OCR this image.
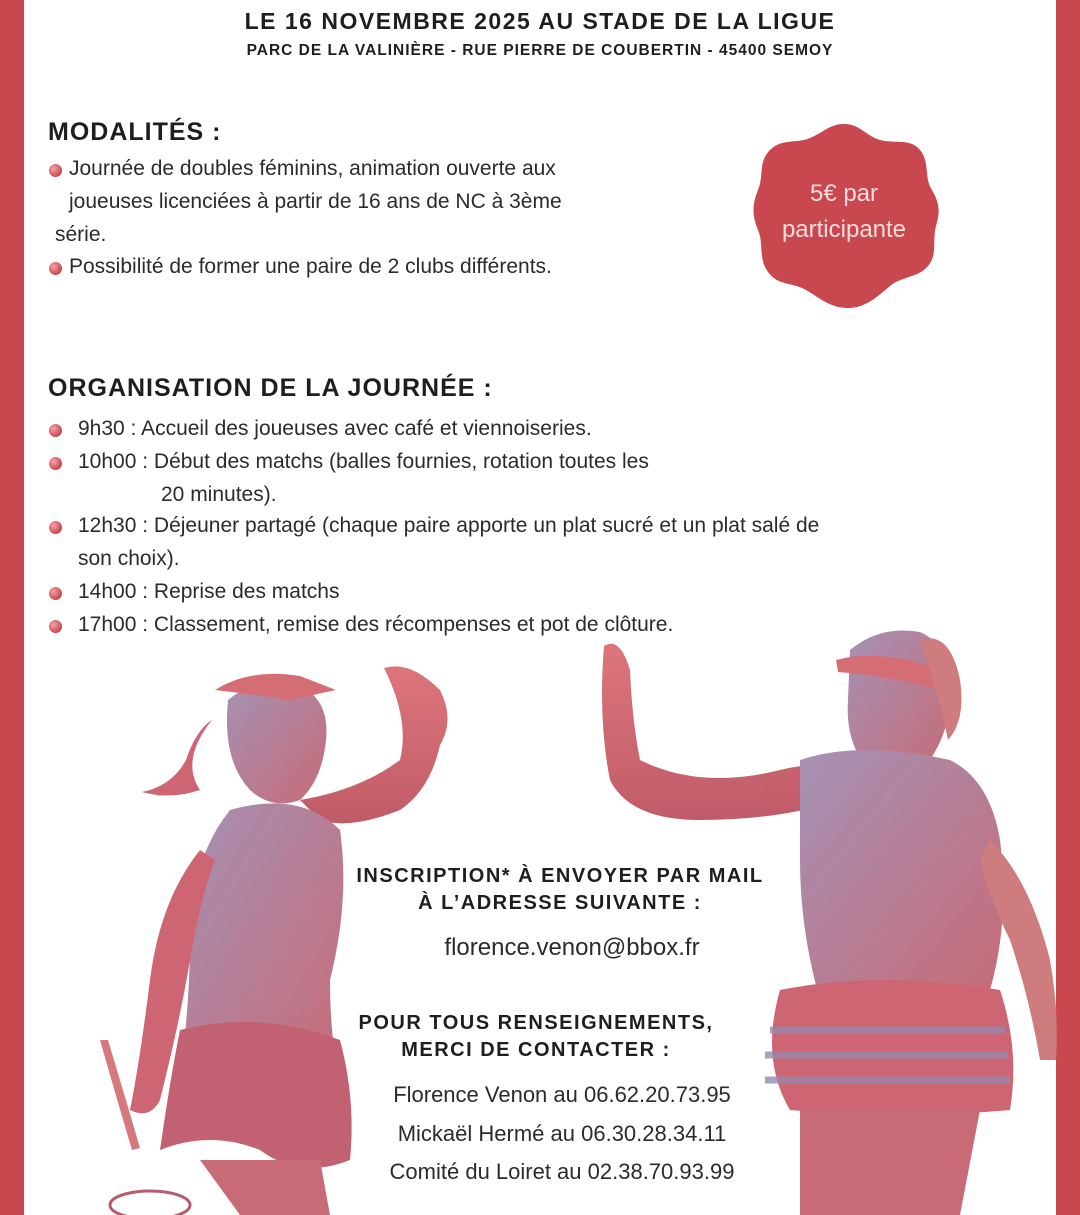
LE 16 NOVEMBRE 2025 AU STADE DE LA LIGUE
PARC DE LA VALINIÈRE - RUE PIERRE DE COUBERTIN - 45400 SEMOY
MODALITÉS :
Journée de doubles féminins, animation ouverte aux
joueuses licenciées à partir de 16 ans de NC à 3ème
série.
Possibilité de former une paire de 2 clubs différents.
5€ par
participante
ORGANISATION DE LA JOURNÉE :
9h30 : Accueil des joueuses avec café et viennoiseries.
10h00 : Début des matchs (balles fournies, rotation toutes les
20 minutes).
12h30 : Déjeuner partagé (chaque paire apporte un plat sucré et un plat salé de
son choix).
14h00 : Reprise des matchs
17h00 : Classement, remise des récompenses et pot de clôture.
INSCRIPTION* À ENVOYER PAR MAIL
À L’ADRESSE SUIVANTE :
florence.venon@bbox.fr
POUR TOUS RENSEIGNEMENTS,
MERCI DE CONTACTER :
Florence Venon au 06.62.20.73.95
Mickaël Hermé au 06.30.28.34.11
Comité du Loiret au 02.38.70.93.99
